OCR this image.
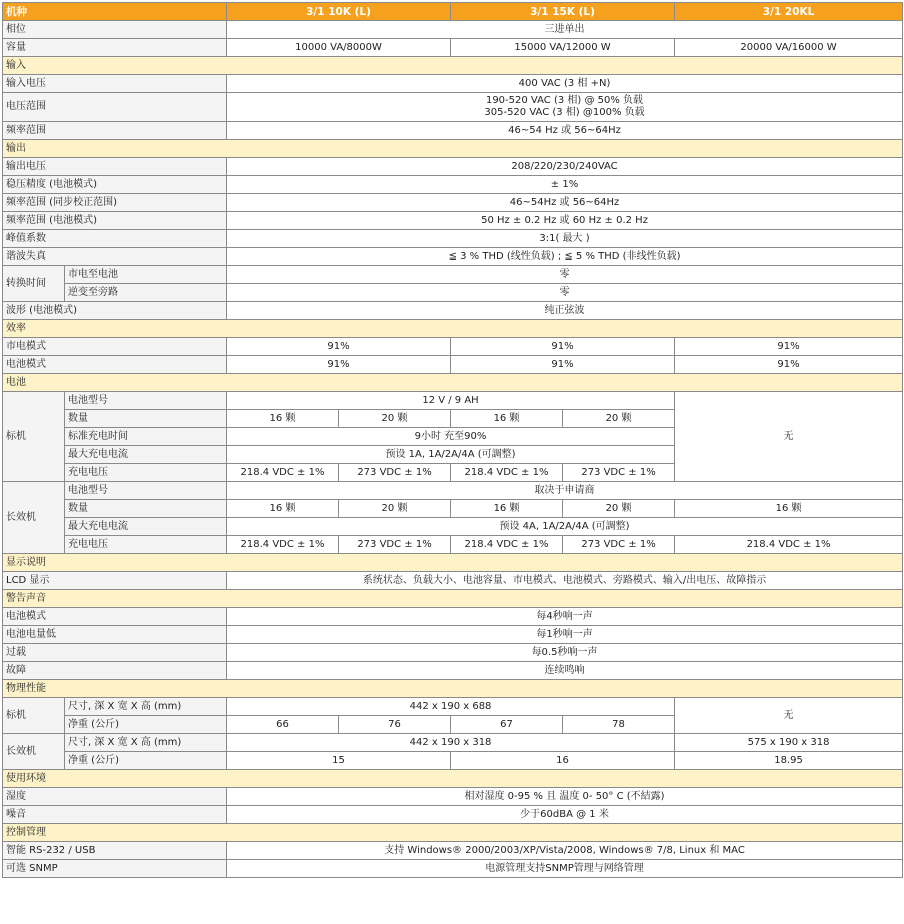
机种		3/1 10K (L)		3/1 15K (L)		3/1 20KL
相位		三进单出				
容量		10000 VA/8000W		15000 VA/12000 W		20000 VA/16000 W
输入						
输入电压		400 VAC (3 相 +N)				
电压范围		190-520 VAC (3 相) @ 50% 负载
305-520 VAC (3 相) @100% 负载				

频率范围		46~54 Hz 或 56~64Hz				
输出						
输出电压		208/220/230/240VAC				
稳压精度 (电池模式)		± 1%				
频率范围 (同步校正范围)		46~54Hz 或 56~64Hz				
频率范围 (电池模式)		50 Hz ± 0.2 Hz 或 60 Hz ± 0.2 Hz				
峰值系数		3:1( 最大 )				
谐波失真		≦ 3 % THD (线性负载) ; ≦ 5 % THD (非线性负载)				
转换时间	市电至电池	零				
	逆变至旁路	零				
波形 (电池模式)		纯正弦波				
效率						
市电模式		91%		91%		91%
电池模式		91%		91%		91%
电池						
标机	电池型号	12 V / 9 AH				无
	数量	16 颗	20 颗	16 颗	20 颗	
	标准充电时间	9小时 充至90%				
	最大充电电流	预设 1A, 1A/2A/4A (可調整)				
	充电电压	218.4 VDC ± 1%	273 VDC ± 1%	218.4 VDC ± 1%	273 VDC ± 1%	
长效机	电池型号	取决于申请商				
	数量	16 颗	20 颗	16 颗	20 颗	16 颗
	最大充电电流	预设 4A, 1A/2A/4A (可調整)				
	充电电压	218.4 VDC ± 1%	273 VDC ± 1%	218.4 VDC ± 1%	273 VDC ± 1%	218.4 VDC ± 1%
显示说明						
LCD 显示		系统状态、负载大小、电池容量、市电模式、电池模式、旁路模式、输入/出电压、故障指示				
警告声音						
电池模式		每4秒响一声				
电池电量低		每1秒响一声				
过载		每0.5秒响一声				
故障		连续鸣响				
物理性能						
标机	尺寸, 深 X 宽 X 高 (mm)	442 x 190 x 688				无
	净重 (公斤)	66	76	67	78	
长效机	尺寸, 深 X 宽 X 高 (mm)	442 x 190 x 318				575 x 190 x 318
	净重 (公斤)	15		16		18.95
使用环境						
湿度		相对湿度 0-95 % 且 温度 0- 50° C (不結露)				
噪音		少于60dBA @ 1 米				
控制管理						
智能 RS-232 / USB		支持 Windows® 2000/2003/XP/Vista/2008, Windows® 7/8, Linux 和 MAC				
可选 SNMP		电源管理支持SNMP管理与网络管理				
